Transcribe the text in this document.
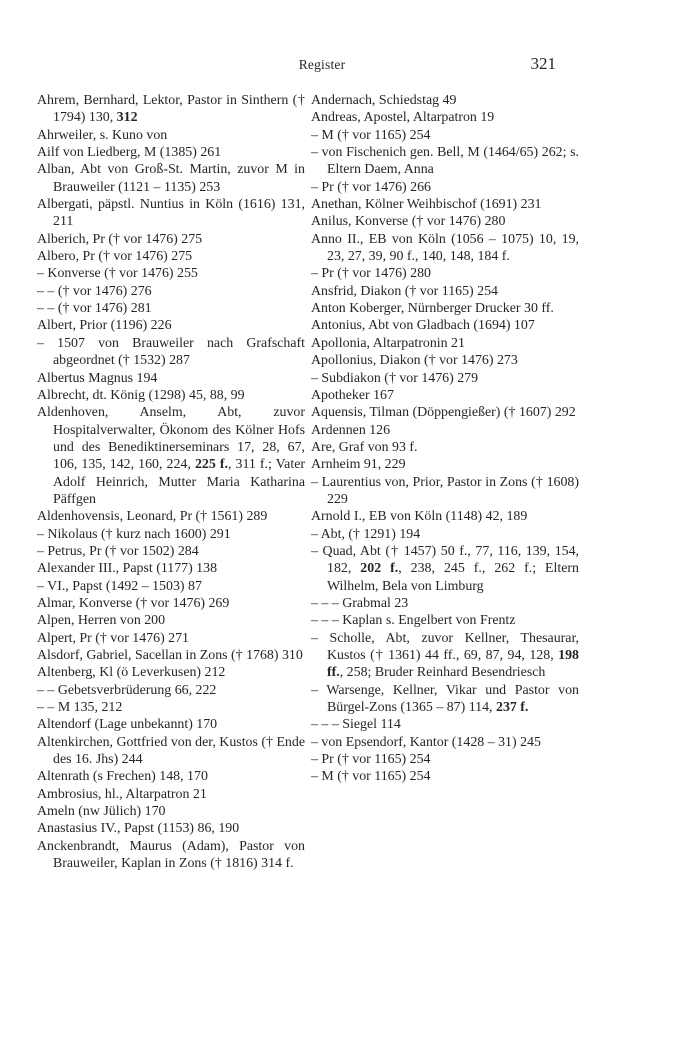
Register	321

Ahrem, Bernhard, Lektor, Pastor in Sinthern († 1794) 130, 312

Ahrweiler, s. Kuno von

Ailf von Liedberg, M (1385) 261

Alban, Abt von Groß-St. Martin, zuvor M in Brauweiler (1121 – 1135) 253

Albergati, päpstl. Nuntius in Köln (1616) 131, 211

Alberich, Pr († vor 1476) 275

Albero, Pr († vor 1476) 275

– Konverse († vor 1476) 255

– – († vor 1476) 276

– – († vor 1476) 281

Albert, Prior (1196) 226

– 1507 von Brauweiler nach Grafschaft abgeordnet († 1532) 287

Albertus Magnus 194

Albrecht, dt. König (1298) 45, 88, 99

Aldenhoven, Anselm, Abt, zuvor Hospitalverwalter, Ökonom des Kölner Hofs und des Benediktinerseminars 17, 28, 67, 106, 135, 142, 160, 224, 225 f., 311 f.; Vater Adolf Heinrich, Mutter Maria Katharina Päffgen

Aldenhovensis, Leonard, Pr († 1561) 289

– Nikolaus († kurz nach 1600) 291

– Petrus, Pr († vor 1502) 284

Alexander III., Papst (1177) 138

– VI., Papst (1492 – 1503) 87

Almar, Konverse († vor 1476) 269

Alpen, Herren von 200

Alpert, Pr († vor 1476) 271

Alsdorf, Gabriel, Sacellan in Zons († 1768) 310

Altenberg, Kl (ö Leverkusen) 212

– – Gebetsverbrüderung 66, 222

– – M 135, 212

Altendorf (Lage unbekannt) 170

Altenkirchen, Gottfried von der, Kustos († Ende des 16. Jhs) 244

Altenrath (s Frechen) 148, 170

Ambrosius, hl., Altarpatron 21

Ameln (nw Jülich) 170

Anastasius IV., Papst (1153) 86, 190

Anckenbrandt, Maurus (Adam), Pastor von Brauweiler, Kaplan in Zons († 1816) 314 f.

Andernach, Schiedstag 49

Andreas, Apostel, Altarpatron 19

– M († vor 1165) 254

– von Fischenich gen. Bell, M (1464/65) 262; s. Eltern Daem, Anna

– Pr († vor 1476) 266

Anethan, Kölner Weihbischof (1691) 231

Anilus, Konverse († vor 1476) 280

Anno II., EB von Köln (1056 – 1075) 10, 19, 23, 27, 39, 90 f., 140, 148, 184 f.

– Pr († vor 1476) 280

Ansfrid, Diakon († vor 1165) 254

Anton Koberger, Nürnberger Drucker 30 ff.

Antonius, Abt von Gladbach (1694) 107

Apollonia, Altarpatronin 21

Apollonius, Diakon († vor 1476) 273

– Subdiakon († vor 1476) 279

Apotheker 167

Aquensis, Tilman (Döppengießer) († 1607) 292

Ardennen 126

Are, Graf von 93 f.

Arnheim 91, 229

– Laurentius von, Prior, Pastor in Zons († 1608) 229

Arnold I., EB von Köln (1148) 42, 189

– Abt, († 1291) 194

– Quad, Abt († 1457) 50 f., 77, 116, 139, 154, 182, 202 f., 238, 245 f., 262 f.; Eltern Wilhelm, Bela von Limburg

– – – Grabmal 23

– – – Kaplan s. Engelbert von Frentz

– Scholle, Abt, zuvor Kellner, Thesaurar, Kustos († 1361) 44 ff., 69, 87, 94, 128, 198 ff., 258; Bruder Reinhard Besendriesch

– Warsenge, Kellner, Vikar und Pastor von Bürgel-Zons (1365 – 87) 114, 237 f.

– – – Siegel 114

– von Epsendorf, Kantor (1428 – 31) 245

– Pr († vor 1165) 254

– M († vor 1165) 254
